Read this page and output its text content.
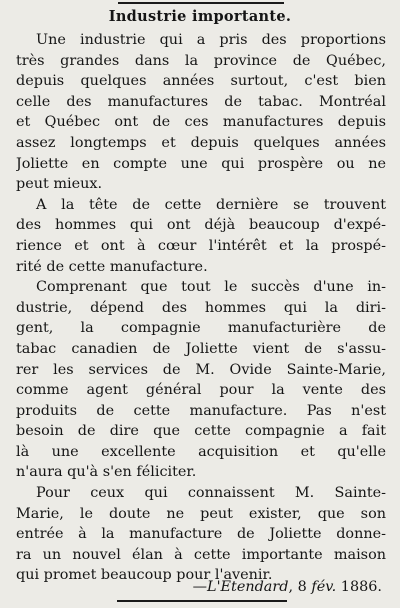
Industrie importante.
Une industrie qui a pris des proportions
très grandes dans la province de Québec,
depuis quelques années surtout, c'est bien
celle des manufactures de tabac. Montréal
et Québec ont de ces manufactures depuis
assez longtemps et depuis quelques années
Joliette en compte une qui prospère ou ne
peut mieux.
A la tête de cette dernière se trouvent
des hommes qui ont déjà beaucoup d'expé-
rience et ont à cœur l'intérêt et la prospé-
rité de cette manufacture.
Comprenant que tout le succès d'une in-
dustrie, dépend des hommes qui la diri-
gent, la compagnie manufacturière de
tabac canadien de Joliette vient de s'assu-
rer les services de M. Ovide Sainte-Marie,
comme agent général pour la vente des
produits de cette manufacture. Pas n'est
besoin de dire que cette compagnie a fait
là une excellente acquisition et qu'elle
n'aura qu'à s'en féliciter.
Pour ceux qui connaissent M. Sainte-
Marie, le doute ne peut exister, que son
entrée à la manufacture de Joliette donne-
ra un nouvel élan à cette importante maison
qui promet beaucoup pour l'avenir.

—L'Etendard, 8 fév. 1886.
